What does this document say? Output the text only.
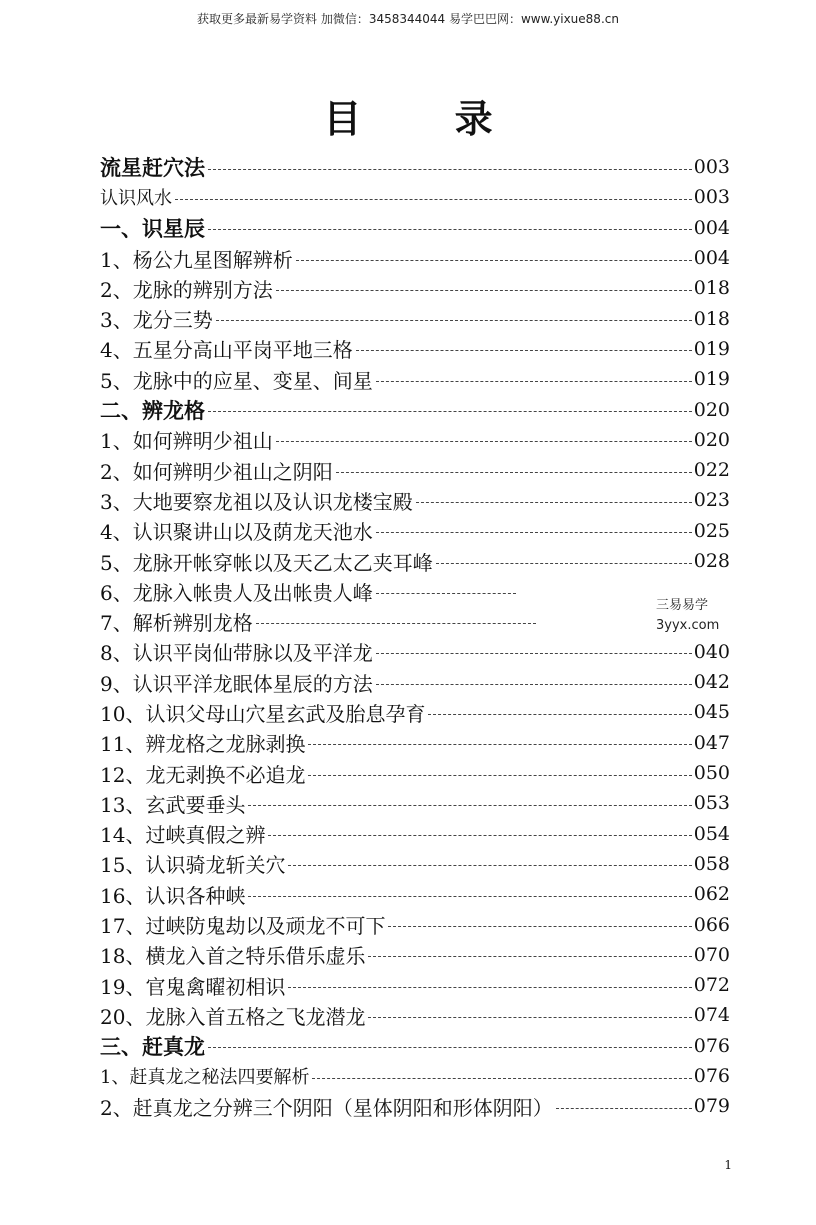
获取更多最新易学资料 加微信：3458344044 易学巴巴网：www.yixue88.cn
目 录
流星赶穴法	003
认识风水	003
一、识星辰	004
1、杨公九星图解辨析	004
2、龙脉的辨别方法	018
3、龙分三势	018
4、五星分高山平岗平地三格	019
5、龙脉中的应星、变星、间星	019
二、辨龙格	020
1、如何辨明少祖山	020
2、如何辨明少祖山之阴阳	022
3、大地要察龙祖以及认识龙楼宝殿	023
4、认识聚讲山以及荫龙天池水	025
5、龙脉开帐穿帐以及天乙太乙夹耳峰	028
6、龙脉入帐贵人及出帐贵人峰
7、解析辨别龙格
8、认识平岗仙带脉以及平洋龙	040
9、认识平洋龙眠体星辰的方法	042
10、认识父母山穴星玄武及胎息孕育	045
11、辨龙格之龙脉剥换	047
12、龙无剥换不必追龙	050
13、玄武要垂头	053
14、过峡真假之辨	054
15、认识骑龙斩关穴	058
16、认识各种峡	062
17、过峡防鬼劫以及顽龙不可下	066
18、横龙入首之特乐借乐虚乐	070
19、官鬼禽曜初相识	072
20、龙脉入首五格之飞龙潜龙	074
三、赶真龙	076
1、赶真龙之秘法四要解析	076
2、赶真龙之分辨三个阴阳（星体阴阳和形体阴阳）	079
三易易学
3yyx.com
1
